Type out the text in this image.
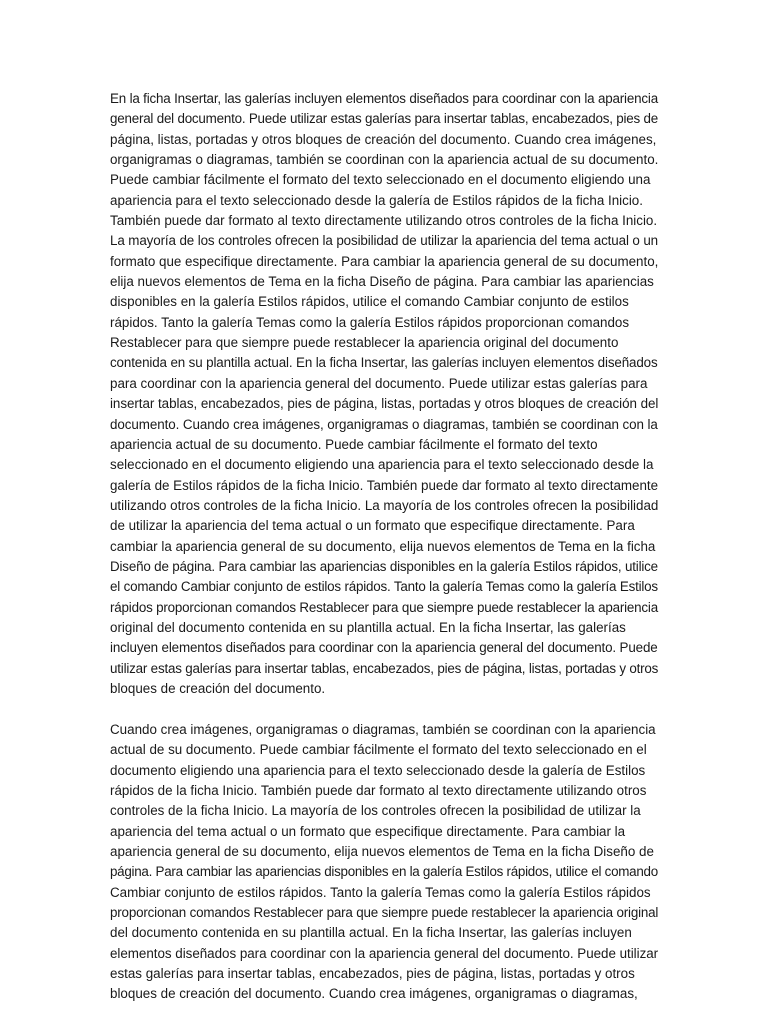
En la ficha Insertar, las galerías incluyen elementos diseñados para coordinar con la apariencia
general del documento. Puede utilizar estas galerías para insertar tablas, encabezados, pies de
página, listas, portadas y otros bloques de creación del documento. Cuando crea imágenes,
organigramas o diagramas, también se coordinan con la apariencia actual de su documento.
Puede cambiar fácilmente el formato del texto seleccionado en el documento eligiendo una
apariencia para el texto seleccionado desde la galería de Estilos rápidos de la ficha Inicio.
También puede dar formato al texto directamente utilizando otros controles de la ficha Inicio.
La mayoría de los controles ofrecen la posibilidad de utilizar la apariencia del tema actual o un
formato que especifique directamente. Para cambiar la apariencia general de su documento,
elija nuevos elementos de Tema en la ficha Diseño de página. Para cambiar las apariencias
disponibles en la galería Estilos rápidos, utilice el comando Cambiar conjunto de estilos
rápidos. Tanto la galería Temas como la galería Estilos rápidos proporcionan comandos
Restablecer para que siempre puede restablecer la apariencia original del documento
contenida en su plantilla actual. En la ficha Insertar, las galerías incluyen elementos diseñados
para coordinar con la apariencia general del documento. Puede utilizar estas galerías para
insertar tablas, encabezados, pies de página, listas, portadas y otros bloques de creación del
documento. Cuando crea imágenes, organigramas o diagramas, también se coordinan con la
apariencia actual de su documento. Puede cambiar fácilmente el formato del texto
seleccionado en el documento eligiendo una apariencia para el texto seleccionado desde la
galería de Estilos rápidos de la ficha Inicio. También puede dar formato al texto directamente
utilizando otros controles de la ficha Inicio. La mayoría de los controles ofrecen la posibilidad
de utilizar la apariencia del tema actual o un formato que especifique directamente. Para
cambiar la apariencia general de su documento, elija nuevos elementos de Tema en la ficha
Diseño de página. Para cambiar las apariencias disponibles en la galería Estilos rápidos, utilice
el comando Cambiar conjunto de estilos rápidos. Tanto la galería Temas como la galería Estilos
rápidos proporcionan comandos Restablecer para que siempre puede restablecer la apariencia
original del documento contenida en su plantilla actual. En la ficha Insertar, las galerías
incluyen elementos diseñados para coordinar con la apariencia general del documento. Puede
utilizar estas galerías para insertar tablas, encabezados, pies de página, listas, portadas y otros
bloques de creación del documento.
Cuando crea imágenes, organigramas o diagramas, también se coordinan con la apariencia
actual de su documento. Puede cambiar fácilmente el formato del texto seleccionado en el
documento eligiendo una apariencia para el texto seleccionado desde la galería de Estilos
rápidos de la ficha Inicio. También puede dar formato al texto directamente utilizando otros
controles de la ficha Inicio. La mayoría de los controles ofrecen la posibilidad de utilizar la
apariencia del tema actual o un formato que especifique directamente. Para cambiar la
apariencia general de su documento, elija nuevos elementos de Tema en la ficha Diseño de
página. Para cambiar las apariencias disponibles en la galería Estilos rápidos, utilice el comando
Cambiar conjunto de estilos rápidos. Tanto la galería Temas como la galería Estilos rápidos
proporcionan comandos Restablecer para que siempre puede restablecer la apariencia original
del documento contenida en su plantilla actual. En la ficha Insertar, las galerías incluyen
elementos diseñados para coordinar con la apariencia general del documento. Puede utilizar
estas galerías para insertar tablas, encabezados, pies de página, listas, portadas y otros
bloques de creación del documento. Cuando crea imágenes, organigramas o diagramas,
